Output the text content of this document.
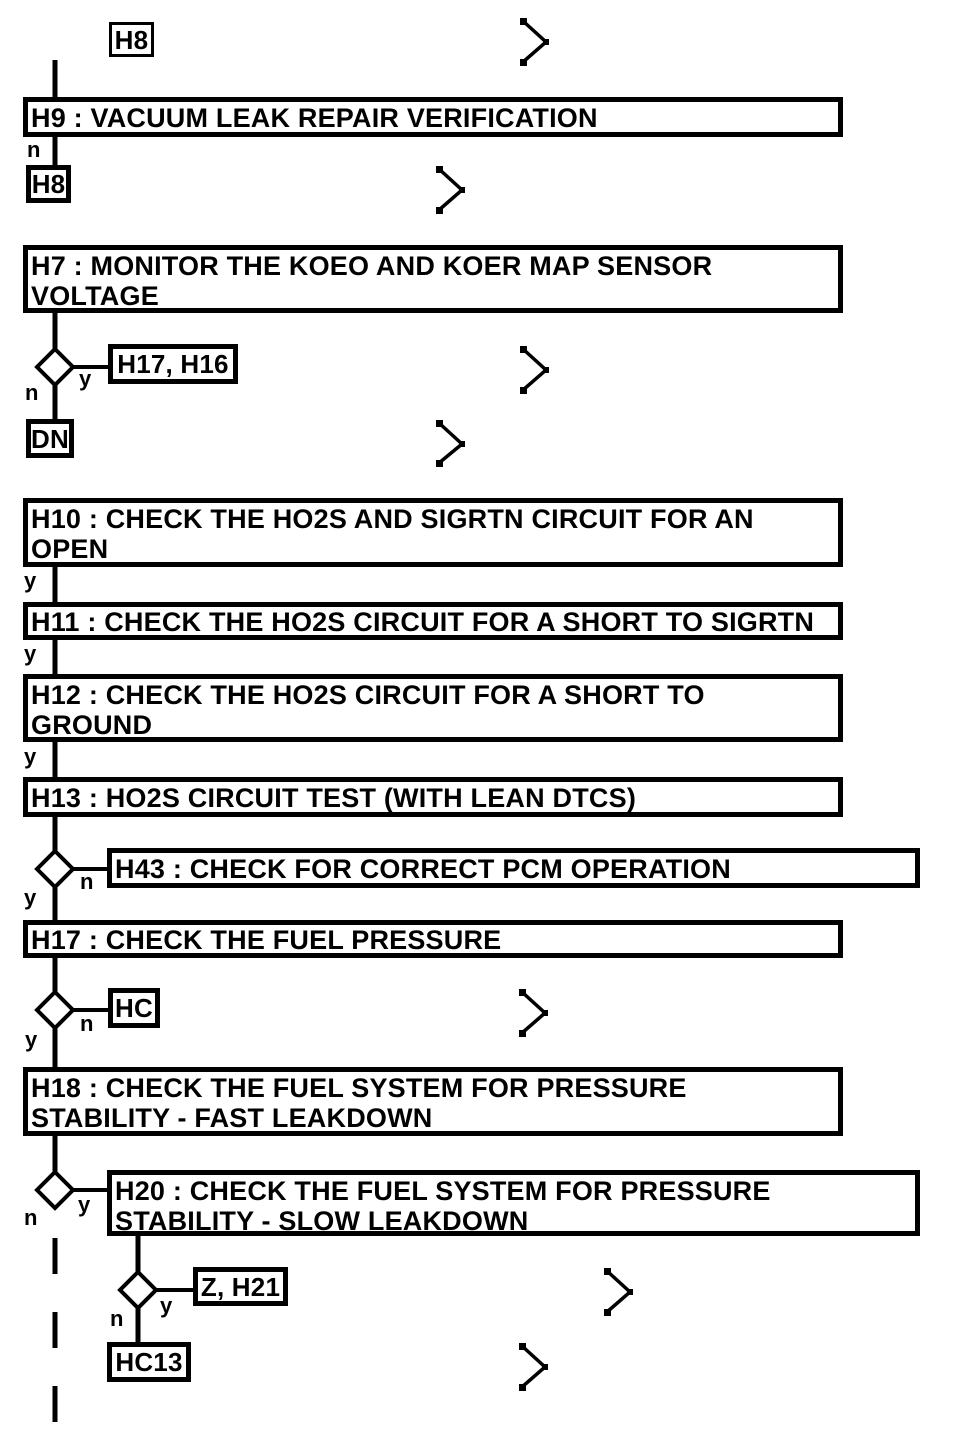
H8
H9 : VACUUM LEAK REPAIR VERIFICATION
H8
H7 : MONITOR THE KOEO AND KOER MAP SENSOR
VOLTAGE
H17, H16
DN
H10 : CHECK THE HO2S AND SIGRTN CIRCUIT FOR AN
OPEN
H11 : CHECK THE HO2S CIRCUIT FOR A SHORT TO SIGRTN
H12 : CHECK THE HO2S CIRCUIT FOR A SHORT TO
GROUND
H13 : HO2S CIRCUIT TEST (WITH LEAN DTCS)
H43 : CHECK FOR CORRECT PCM OPERATION
H17 : CHECK THE FUEL PRESSURE
HC
H18 : CHECK THE FUEL SYSTEM FOR PRESSURE
STABILITY - FAST LEAKDOWN
H20 : CHECK THE FUEL SYSTEM FOR PRESSURE
STABILITY - SLOW LEAKDOWN
Z, H21
HC13
n
y
n
y
y
y
n
y
n
y
y
n
y
n
